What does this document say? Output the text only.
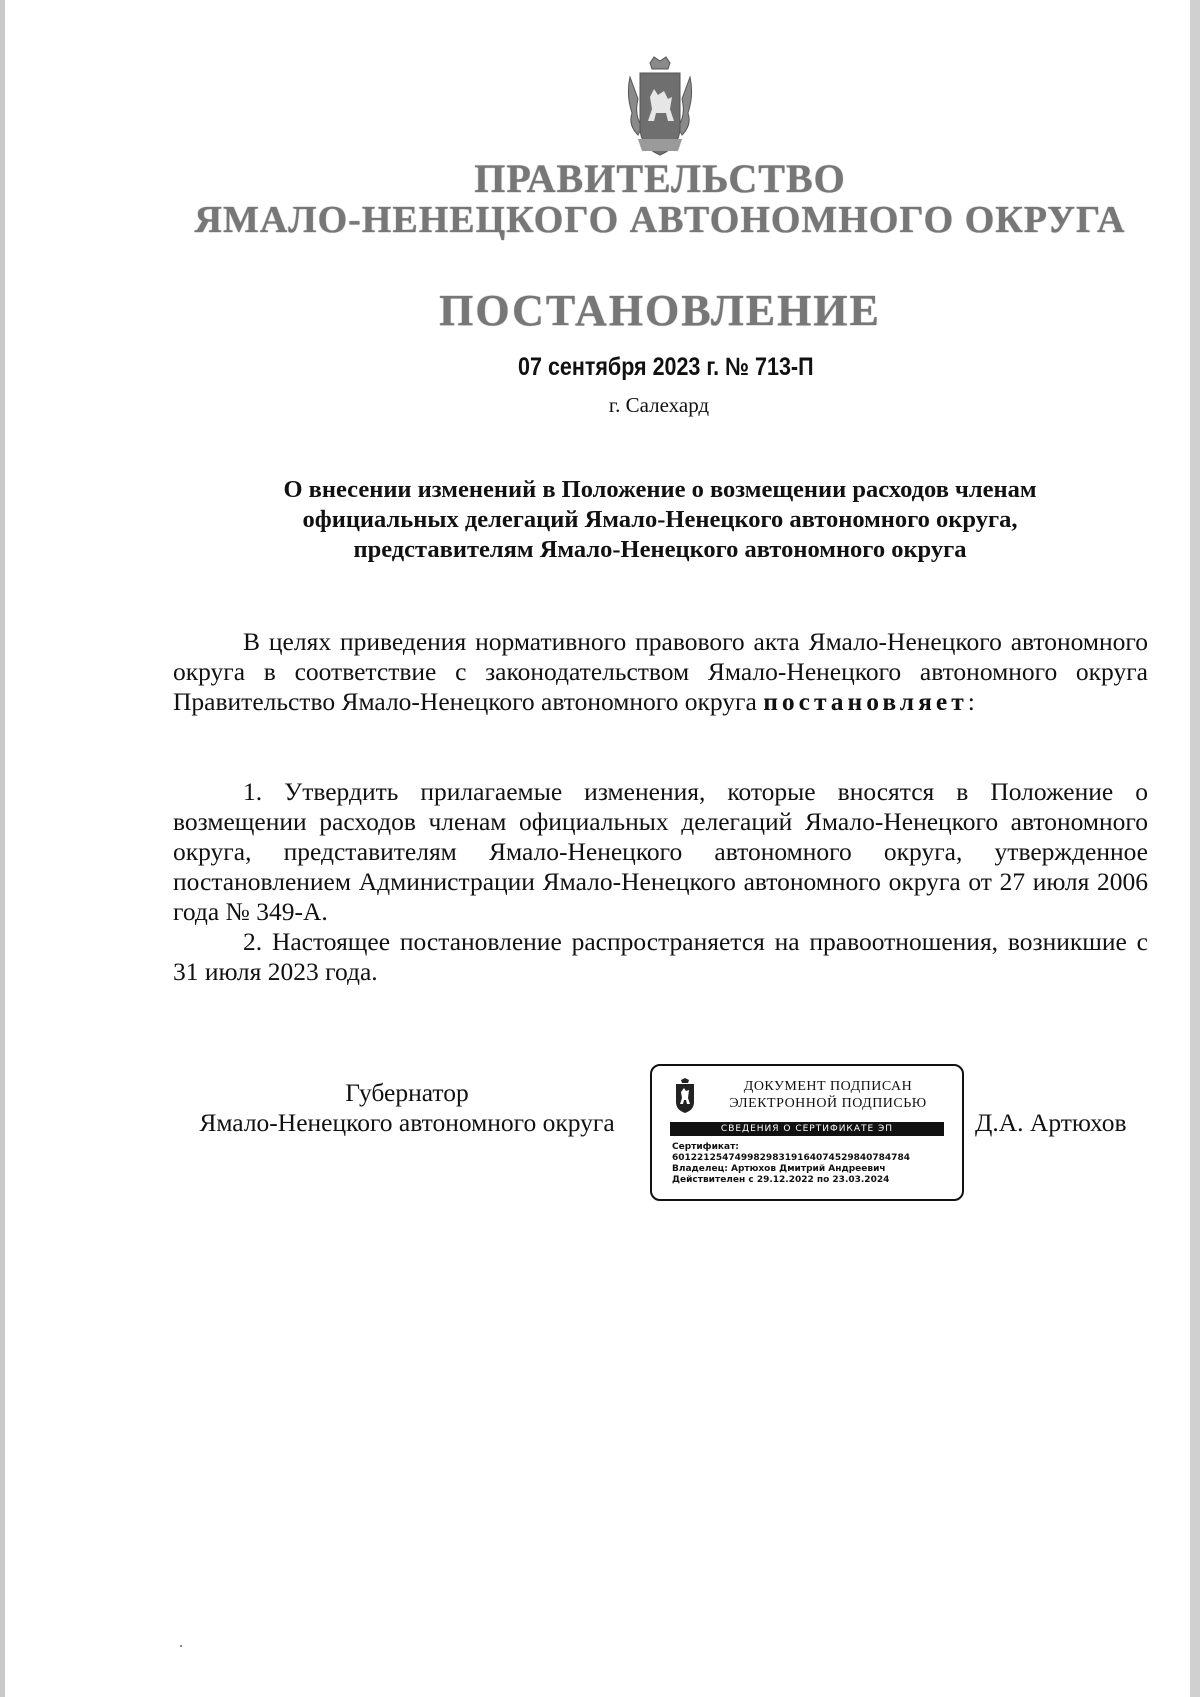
ПРАВИТЕЛЬСТВО
ЯМАЛО-НЕНЕЦКОГО АВТОНОМНОГО ОКРУГА
ПОСТАНОВЛЕНИЕ
07 сентября 2023 г. № 713-П
г. Салехард
О внесении изменений в Положение о возмещении расходов членам
официальных делегаций Ямало-Ненецкого автономного округа,
представителям Ямало-Ненецкого автономного округа
В целях приведения нормативного правового акта Ямало-Ненецкого автономного округа в соответствие с законодательством Ямало-Ненецкого автономного округа Правительство Ямало-Ненецкого автономного округа постановляет:
1. Утвердить прилагаемые изменения, которые вносятся в Положение о возмещении расходов членам официальных делегаций Ямало-Ненецкого автономного округа, представителям Ямало-Ненецкого автономного округа, утвержденное постановлением Администрации Ямало-Ненецкого автономного округа от 27 июля 2006 года № 349-А.
2. Настоящее постановление распространяется на правоотношения, возникшие с 31 июля 2023 года.
Губернатор
Ямало-Ненецкого автономного округа
ДОКУМЕНТ ПОДПИСАН
ЭЛЕКТРОННОЙ ПОДПИСЬЮ
СВЕДЕНИЯ О СЕРТИФИКАТЕ ЭП
Сертификат:
601221254749982983191640745298407847​84
Владелец: Артюхов Дмитрий Андреевич
Действителен с 29.12.2022 по 23.03.2024
Д.А. Артюхов
